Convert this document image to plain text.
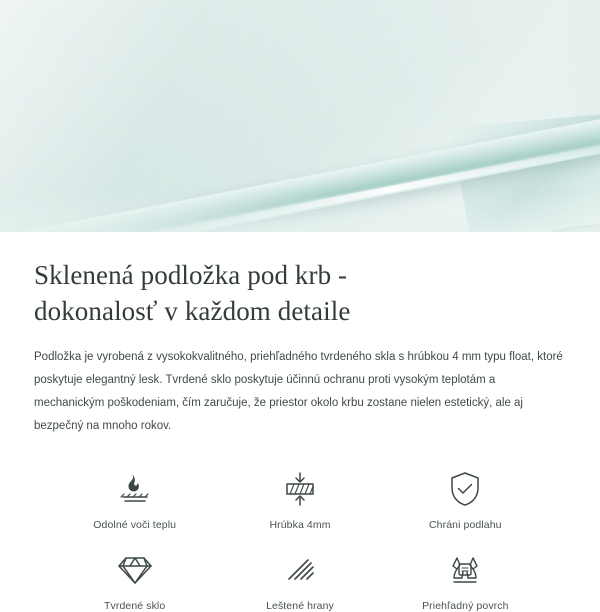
Sklenená podložka pod krb -
dokonalosť v každom detaile

Podložka je vyrobená z vysokokvalitného, priehľadného tvrdeného skla s hrúbkou 4 mm typu float, ktoré poskytuje elegantný lesk. Tvrdené sklo poskytuje účinnú ochranu proti vysokým teplotám a mechanickým poškodeniam, čím zaručuje, že priestor okolo krbu zostane nielen estetický, ale aj bezpečný na mnoho rokov.

Odolné voči teplu	Hrúbka 4mm	Chráni podlahu
Tvrdené sklo	Leštené hrany	Priehľadný povrch
